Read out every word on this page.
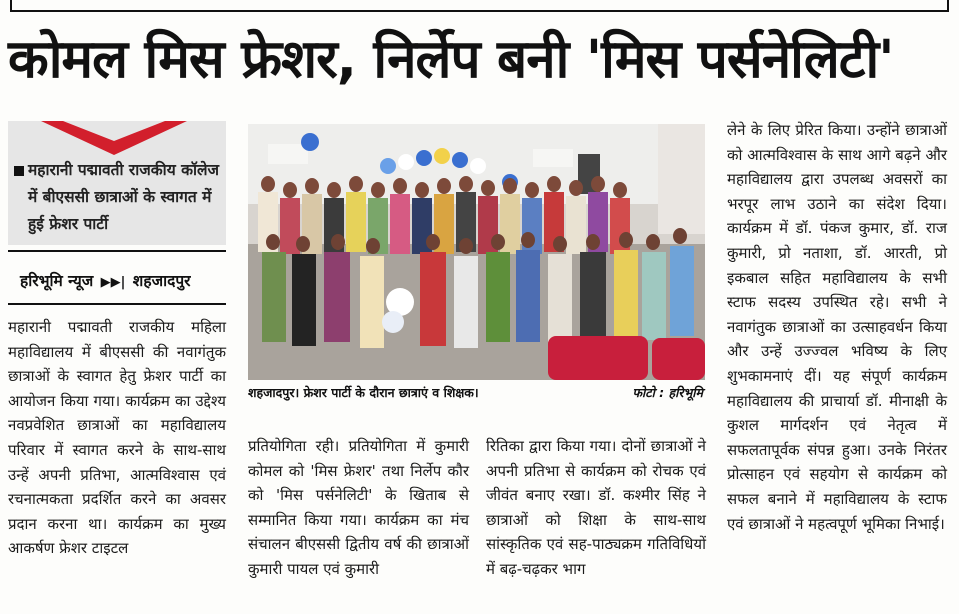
कोमल मिस फ्रेशर, निर्लेप बनी 'मिस पर्सनेलिटी'
महारानी पद्मावती राजकीय कॉलेज में बीएससी छात्राओं के स्वागत में हुई फ्रेशर पार्टी
हरिभूमि न्यूज ▶▶| शहजादपुर
महारानी पद्मावती राजकीय महिला महाविद्यालय में बीएससी की नवागंतुक छात्राओं के स्वागत हेतु फ्रेशर पार्टी का आयोजन किया गया। कार्यक्रम का उद्देश्य नवप्रवेशित छात्राओं का महाविद्यालय परिवार में स्वागत करने के साथ-साथ उन्हें अपनी प्रतिभा, आत्मविश्वास एवं रचनात्मकता प्रदर्शित करने का अवसर प्रदान करना था। कार्यक्रम का मुख्य आकर्षण फ्रेशर टाइटल
शहजादपुर। फ्रेशर पार्टी के दौरान छात्राएं व शिक्षक।	फोटो : हरिभूमि
प्रतियोगिता रही। प्रतियोगिता में कुमारी कोमल को 'मिस फ्रेशर' तथा निर्लेप कौर को 'मिस पर्सनेलिटी' के खिताब से सम्मानित किया गया। कार्यक्रम का मंच संचालन बीएससी द्वितीय वर्ष की छात्राओं कुमारी पायल एवं कुमारी
रितिका द्वारा किया गया। दोनों छात्राओं ने अपनी प्रतिभा से कार्यक्रम को रोचक एवं जीवंत बनाए रखा। डॉ. कश्मीर सिंह ने छात्राओं को शिक्षा के साथ-साथ सांस्कृतिक एवं सह-पाठ्यक्रम गतिविधियों में बढ़-चढ़कर भाग
लेने के लिए प्रेरित किया। उन्होंने छात्राओं को आत्मविश्वास के साथ आगे बढ़ने और महाविद्यालय द्वारा उपलब्ध अवसरों का भरपूर लाभ उठाने का संदेश दिया। कार्यक्रम में डॉ. पंकज कुमार, डॉ. राज कुमारी, प्रो नताशा, डॉ. आरती, प्रो इकबाल सहित महाविद्यालय के सभी स्टाफ सदस्य उपस्थित रहे। सभी ने नवागंतुक छात्राओं का उत्साहवर्धन किया और उन्हें उज्ज्वल भविष्य के लिए शुभकामनाएं दीं। यह संपूर्ण कार्यक्रम महाविद्यालय की प्राचार्या डॉ. मीनाक्षी के कुशल मार्गदर्शन एवं नेतृत्व में सफलतापूर्वक संपन्न हुआ। उनके निरंतर प्रोत्साहन एवं सहयोग से कार्यक्रम को सफल बनाने में महाविद्यालय के स्टाफ एवं छात्राओं ने महत्वपूर्ण भूमिका निभाई।
